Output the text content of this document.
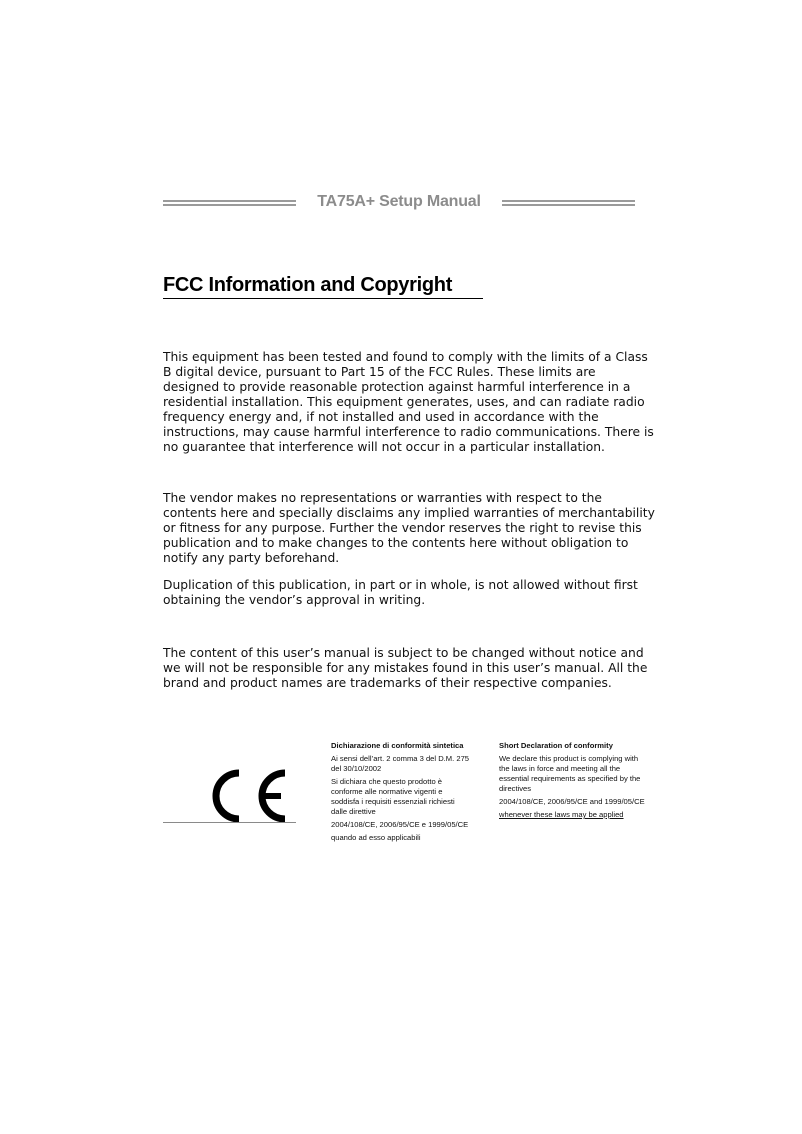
TA75A+ Setup Manual
FCC Information and Copyright

This equipment has been tested and found to comply with the limits of a Class B digital device, pursuant to Part 15 of the FCC Rules. These limits are designed to provide reasonable protection against harmful interference in a residential installation. This equipment generates, uses, and can radiate radio frequency energy and, if not installed and used in accordance with the instructions, may cause harmful interference to radio communications. There is no guarantee that interference will not occur in a particular installation.

The vendor makes no representations or warranties with respect to the contents here and specially disclaims any implied warranties of merchantability or fitness for any purpose. Further the vendor reserves the right to revise this publication and to make changes to the contents here without obligation to notify any party beforehand.

Duplication of this publication, in part or in whole, is not allowed without first obtaining the vendor’s approval in writing.

The content of this user’s manual is subject to be changed without notice and we will not be responsible for any mistakes found in this user’s manual. All the brand and product names are trademarks of their respective companies.

Dichiarazione di conformità sintetica
Ai sensi dell’art. 2 comma 3 del D.M. 275 del 30/10/2002
Si dichiara che questo prodotto è conforme alle normative vigenti e soddisfa i requisiti essenziali richiesti dalle direttive
2004/108/CE, 2006/95/CE e 1999/05/CE
quando ad esso applicabili
Short Declaration of conformity
We declare this product is complying with the laws in force and meeting all the essential requirements as specified by the directives
2004/108/CE, 2006/95/CE and 1999/05/CE
whenever these laws may be applied
